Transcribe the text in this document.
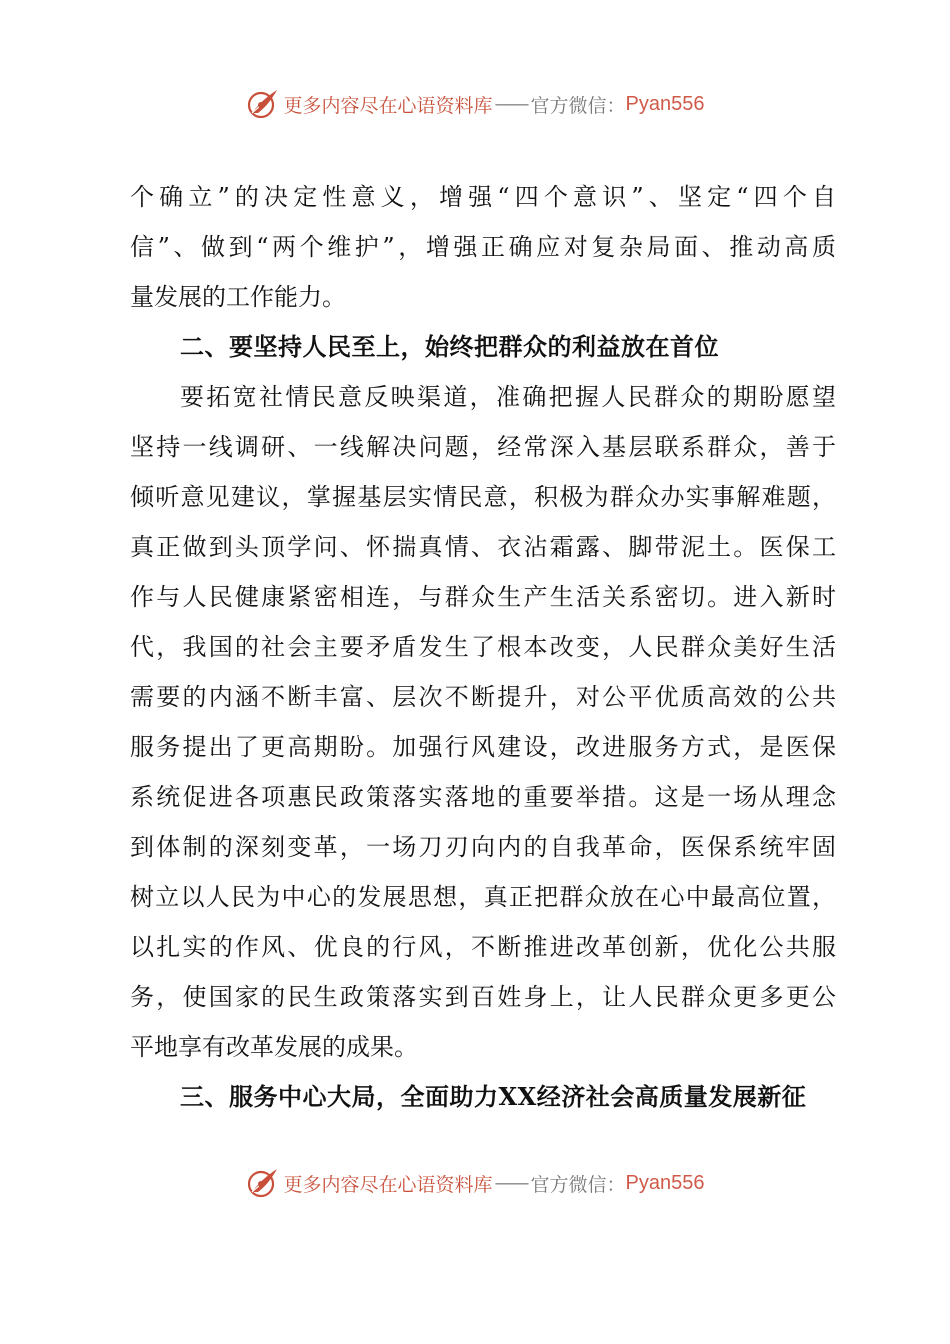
更多内容尽在心语资料库 —— 官方微信： Pyan556
个确立”的决定性意义，增强“四个意识”、坚定“四个自
信”、做到“两个维护”，增强正确应对复杂局面、推动高质
量发展的工作能力。
二、要坚持人民至上，始终把群众的利益放在首位
要拓宽社情民意反映渠道，准确把握人民群众的期盼愿望
坚持一线调研、一线解决问题，经常深入基层联系群众，善于
倾听意见建议，掌握基层实情民意，积极为群众办实事解难题，
真正做到头顶学问、怀揣真情、衣沾霜露、脚带泥土。医保工
作与人民健康紧密相连，与群众生产生活关系密切。进入新时
代，我国的社会主要矛盾发生了根本改变，人民群众美好生活
需要的内涵不断丰富、层次不断提升，对公平优质高效的公共
服务提出了更高期盼。加强行风建设，改进服务方式，是医保
系统促进各项惠民政策落实落地的重要举措。这是一场从理念
到体制的深刻变革，一场刀刃向内的自我革命，医保系统牢固
树立以人民为中心的发展思想，真正把群众放在心中最高位置，
以扎实的作风、优良的行风，不断推进改革创新，优化公共服
务，使国家的民生政策落实到百姓身上，让人民群众更多更公
平地享有改革发展的成果。
三、服务中心大局，全面助力XX经济社会高质量发展新征
更多内容尽在心语资料库 —— 官方微信： Pyan556
